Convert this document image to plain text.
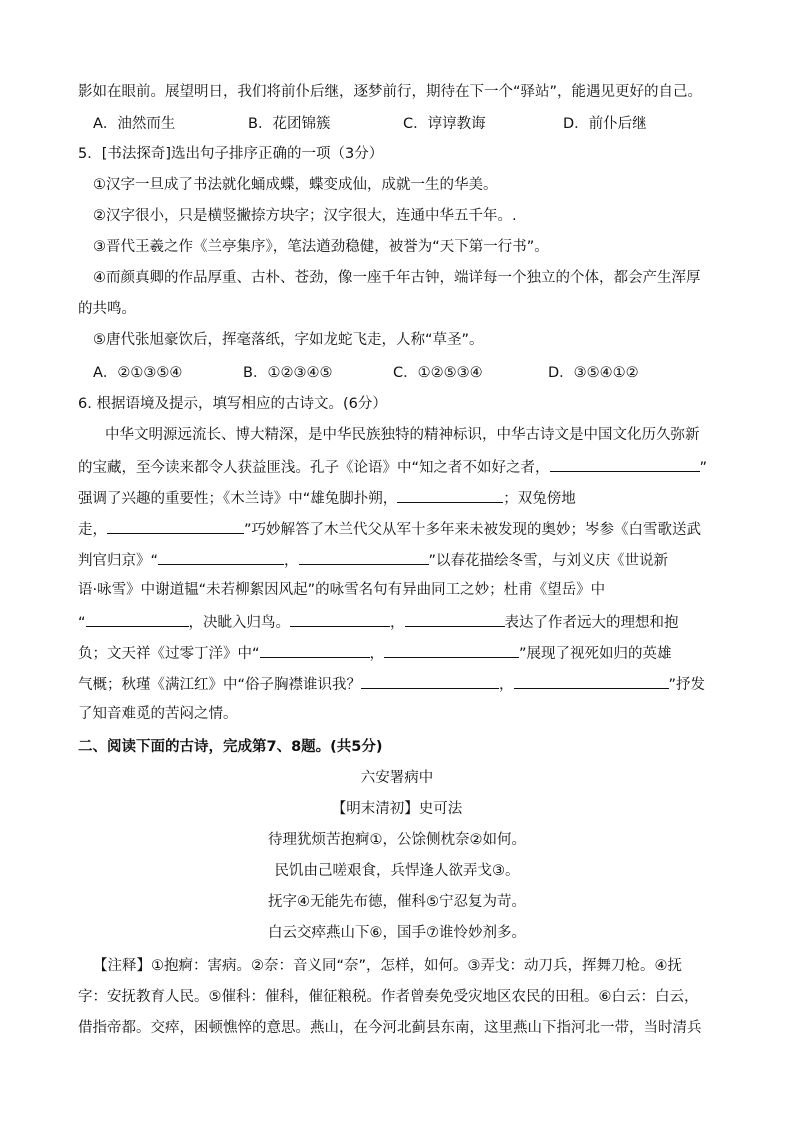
影如在眼前。展望明日，我们将前仆后继，逐梦前行，期待在下一个“驿站”，能遇见更好的自己。
A．油然而生	B．花团锦簇	C．谆谆教诲	D．前仆后继
5．[书法探奇]选出句子排序正确的一项（3分）
①汉字一旦成了书法就化蛹成蝶，蝶变成仙，成就一生的华美。
②汉字很小，只是横竖撇捺方块字；汉字很大，连通中华五千年。.
③晋代王羲之作《兰亭集序》，笔法遒劲稳健，被誉为“天下第一行书”。
④而颜真卿的作品厚重、古朴、苍劲，像一座千年古钟，端详每一个独立的个体，都会产生浑厚
的共鸣。
⑤唐代张旭豪饮后，挥毫落纸，字如龙蛇飞走，人称“草圣”。
A．②①③⑤④	B．①②③④⑤	C．①②⑤③④	D．③⑤④①②
6. 根据语境及提示，填写相应的古诗文。(6分）
中华文明源远流长、博大精深，是中华民族独特的精神标识，中华古诗文是中国文化历久弥新
的宝藏，至今读来都令人获益匪浅。孔子《论语》中“知之者不如好之者，	”
强调了兴趣的重要性；《木兰诗》中“雄兔脚扑朔，	；双兔傍地
走，	”巧妙解答了木兰代父从军十多年来未被发现的奥妙；岑参《白雪歌送武
判官归京》“	，	”以春花描绘冬雪，与刘义庆《世说新
语·咏雪》中谢道韫“未若柳絮因风起”的咏雪名句有异曲同工之妙；杜甫《望岳》中
“	，决眦入归鸟。	，	表达了作者远大的理想和抱
负；文天祥《过零丁洋》中“	，	”展现了视死如归的英雄
气概；秋瑾《满江红》中“俗子胸襟谁识我？	，	”抒发
了知音难觅的苦闷之情。
二、阅读下面的古诗，完成第7、8题。(共5分)
六安署病中
【明末清初】史可法
待理犹烦苦抱痾①，公馀侧枕奈②如何。
民饥由己嗟艰食，兵悍逢人欲弄戈③。
抚字④无能先布德，催科⑤宁忍复为苛。
白云交瘁燕山下⑥，国手⑦谁怜妙剂多。
【注释】①抱痾：害病。②奈：音义同“奈”，怎样，如何。③弄戈：动刀兵，挥舞刀枪。④抚
字：安抚教育人民。⑤催科：催科，催征粮税。作者曾奏免受灾地区农民的田租。⑥白云：白云，
借指帝都。交瘁，困顿憔悴的意思。燕山，在今河北蓟县东南，这里燕山下指河北一带，当时清兵
